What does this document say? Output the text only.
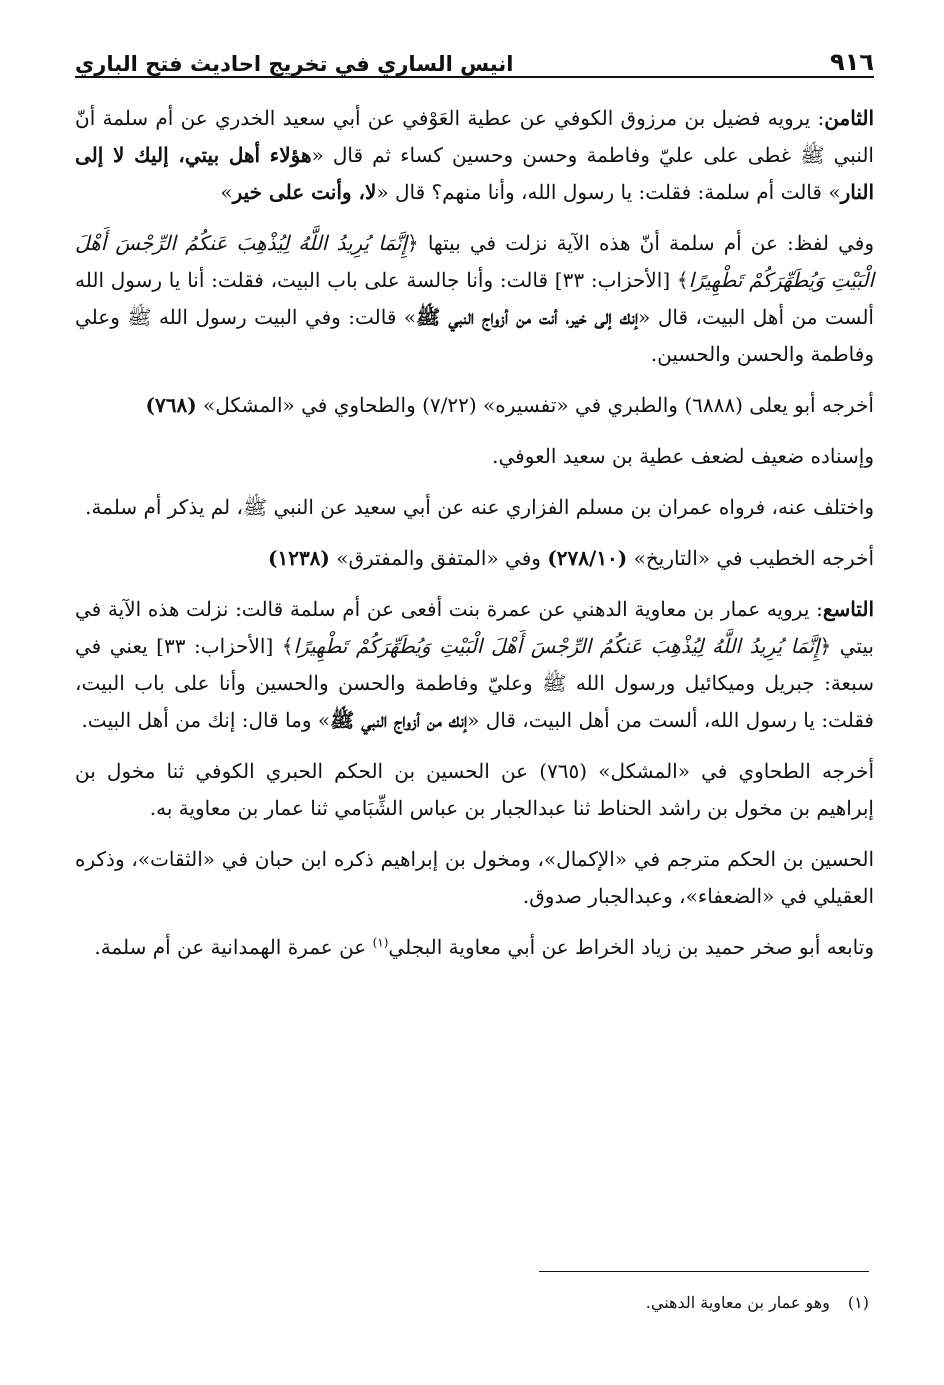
٩١٦
انيس الساري في تخريج احاديث فتح الباري

الثامن: يرويه فضيل بن مرزوق الكوفي عن عطية العَوْفي عن أبي سعيد الخدري عن أم سلمة أنّ النبي ﷺ غطى على عليّ وفاطمة وحسن وحسين كساء ثم قال «هؤلاء أهل بيتي، إليك لا إلى النار» قالت أم سلمة: فقلت: يا رسول الله، وأنا منهم؟ قال «لا، وأنت على خير»

وفي لفظ: عن أم سلمة أنّ هذه الآية نزلت في بيتها ﴿إِنَّمَا يُرِيدُ اللَّهُ لِيُذْهِبَ عَنكُمُ الرِّجْسَ أَهْلَ الْبَيْتِ وَيُطَهِّرَكُمْ تَطْهِيرًا﴾ [الأحزاب: ٣٣] قالت: وأنا جالسة على باب البيت، فقلت: أنا يا رسول الله ألست من أهل البيت، قال «إنك إلى خير، أنت من أزواج النبي ﷺ» قالت: وفي البيت رسول الله ﷺ وعلي وفاطمة والحسن والحسين.

أخرجه أبو يعلى (٦٨٨٨) والطبري في «تفسيره» (٧/٢٢) والطحاوي في «المشكل» (٧٦٨)

وإسناده ضعيف لضعف عطية بن سعيد العوفي.

واختلف عنه، فرواه عمران بن مسلم الفزاري عنه عن أبي سعيد عن النبي ﷺ، لم يذكر أم سلمة.

أخرجه الخطيب في «التاريخ» (٢٧٨/١٠) وفي «المتفق والمفترق» (١٢٣٨)

التاسع: يرويه عمار بن معاوية الدهني عن عمرة بنت أفعى عن أم سلمة قالت: نزلت هذه الآية في بيتي ﴿إِنَّمَا يُرِيدُ اللَّهُ لِيُذْهِبَ عَنكُمُ الرِّجْسَ أَهْلَ الْبَيْتِ وَيُطَهِّرَكُمْ تَطْهِيرًا﴾ [الأحزاب: ٣٣] يعني في سبعة: جبريل وميكائيل ورسول الله ﷺ وعليّ وفاطمة والحسن والحسين وأنا على باب البيت، فقلت: يا رسول الله، ألست من أهل البيت، قال «إنك من أزواج النبي ﷺ» وما قال: إنك من أهل البيت.

أخرجه الطحاوي في «المشكل» (٧٦٥) عن الحسين بن الحكم الحبري الكوفي ثنا مخول بن إبراهيم بن مخول بن راشد الحناط ثنا عبدالجبار بن عباس الشِّبَامي ثنا عمار بن معاوية به.

الحسين بن الحكم مترجم في «الإكمال»، ومخول بن إبراهيم ذكره ابن حبان في «الثقات»، وذكره العقيلي في «الضعفاء»، وعبدالجبار صدوق.

وتابعه أبو صخر حميد بن زياد الخراط عن أبي معاوية البجلي$^{(١)}$ عن عمرة الهمدانية عن أم سلمة.

(١)وهو عمار بن معاوية الدهني.
